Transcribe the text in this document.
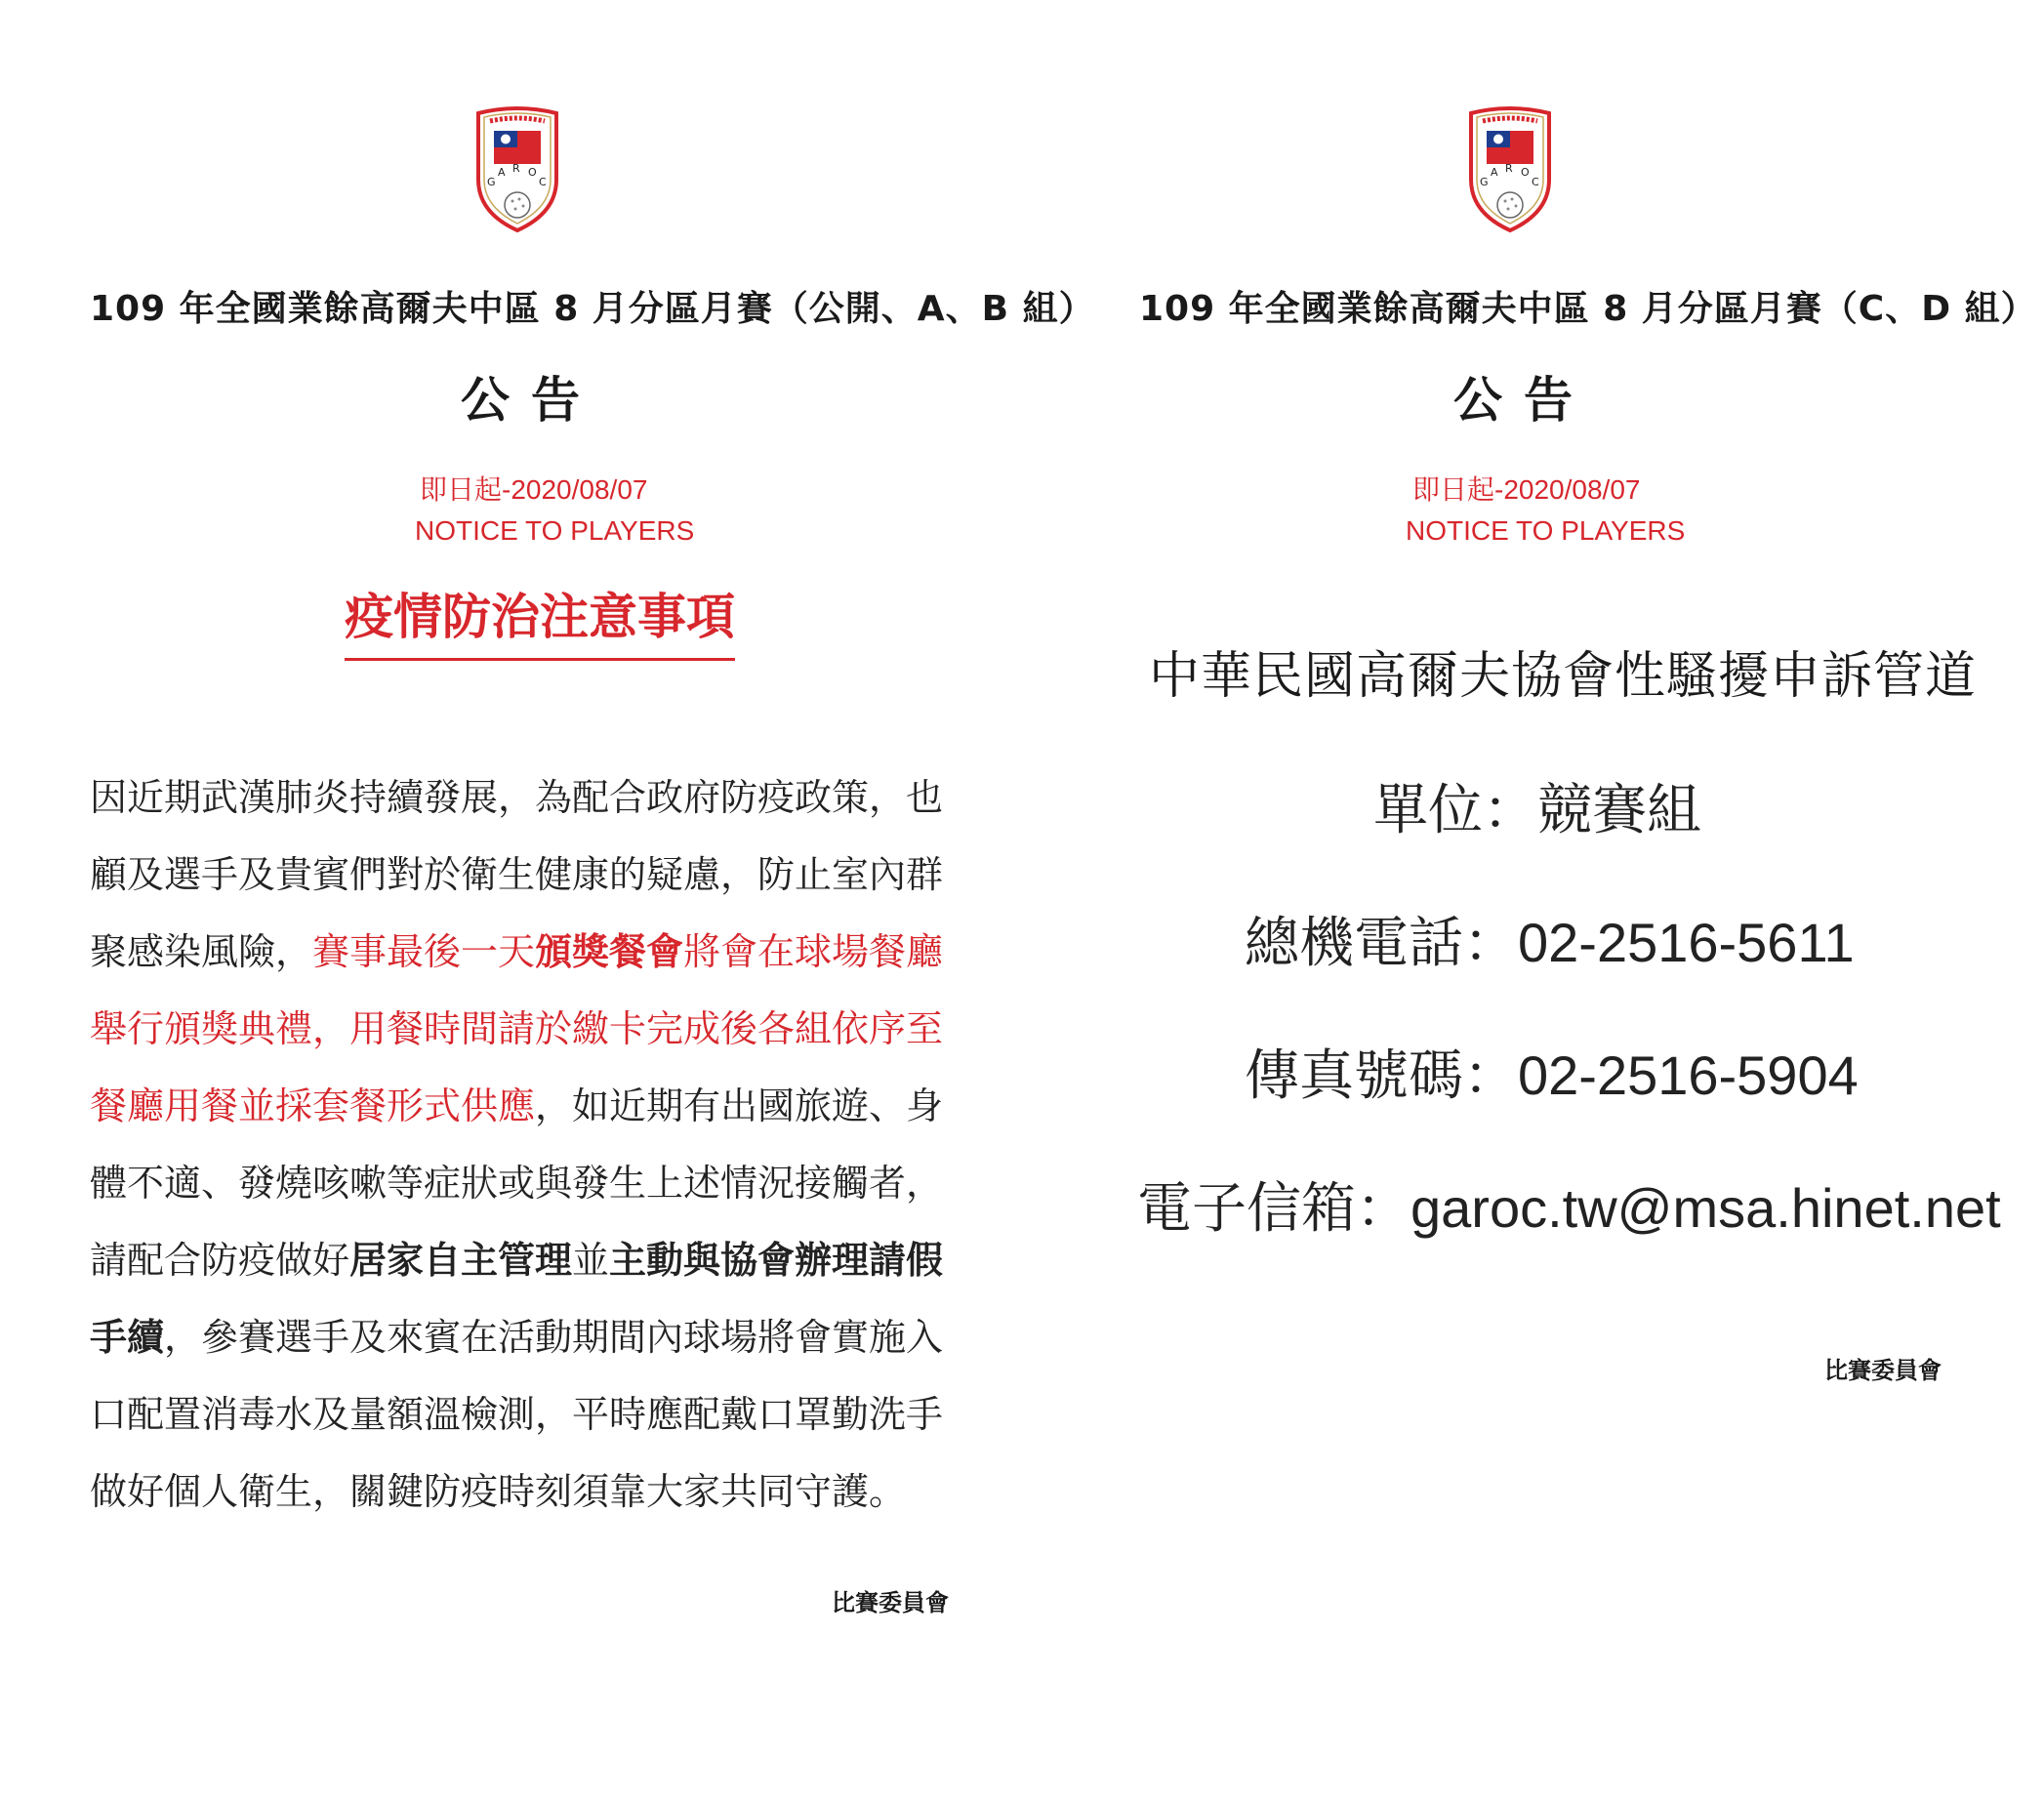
G
A R O
C
109 年全國業餘高爾夫中區 8 月分區月賽（公開、A、B 組）
公告
即日起-2020/08/07
NOTICE TO PLAYERS
疫情防治注意事項
因近期武漢肺炎持續發展，為配合政府防疫政策，也顧及選手及貴賓們對於衛生健康的疑慮，防止室內群聚感染風險，賽事最後一天頒獎餐會將會在球場餐廳舉行頒獎典禮，用餐時間請於繳卡完成後各組依序至餐廳用餐並採套餐形式供應，如近期有出國旅遊、身體不適、發燒咳嗽等症狀或與發生上述情況接觸者，請配合防疫做好居家自主管理並主動與協會辦理請假手續，參賽選手及來賓在活動期間內球場將會實施入口配置消毒水及量額溫檢測，平時應配戴口罩勤洗手做好個人衛生，關鍵防疫時刻須靠大家共同守護。
比賽委員會
G
A R O
C
109 年全國業餘高爾夫中區 8 月分區月賽（C、D 組）
公告
即日起-2020/08/07
NOTICE TO PLAYERS
中華民國高爾夫協會性騷擾申訴管道
單位：競賽組
總機電話：02-2516-5611
傳真號碼：02-2516-5904
電子信箱：garoc.tw@msa.hinet.net
比賽委員會
